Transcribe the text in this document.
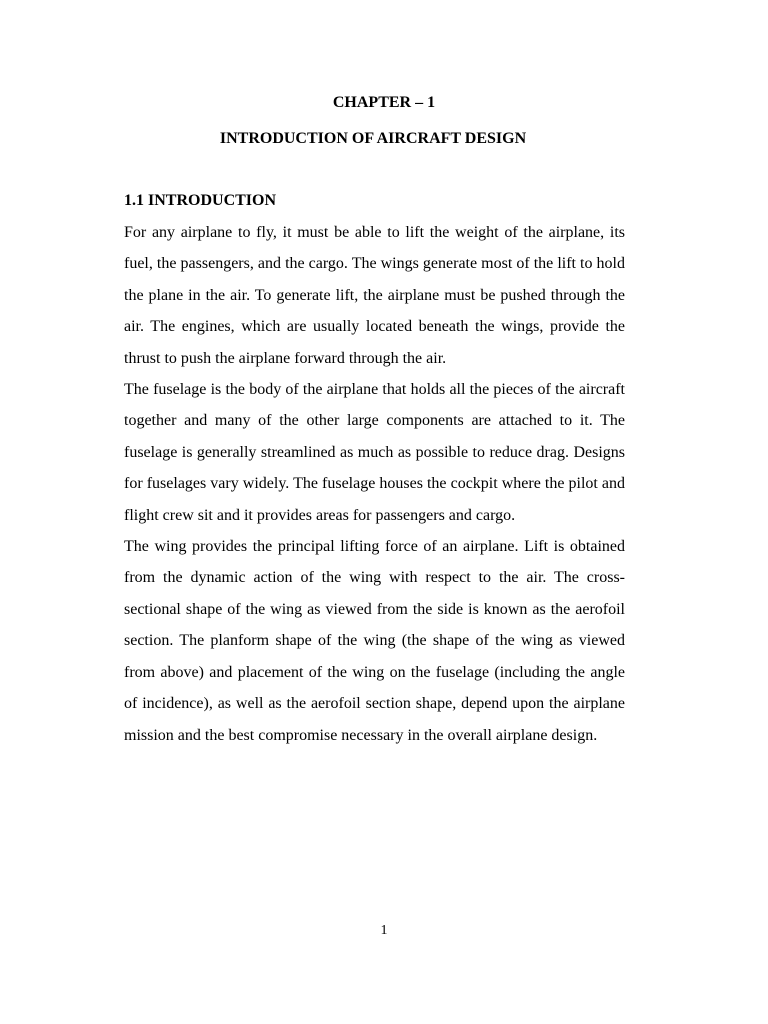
CHAPTER – 1
INTRODUCTION OF AIRCRAFT DESIGN
1.1 INTRODUCTION

For any airplane to fly, it must be able to lift the weight of the airplane, its fuel, the passengers, and the cargo. The wings generate most of the lift to hold the plane in the air. To generate lift, the airplane must be pushed through the air. The engines, which are usually located beneath the wings, provide the thrust to push the airplane forward through the air.

The fuselage is the body of the airplane that holds all the pieces of the aircraft together and many of the other large components are attached to it. The fuselage is generally streamlined as much as possible to reduce drag. Designs for fuselages vary widely. The fuselage houses the cockpit where the pilot and flight crew sit and it provides areas for passengers and cargo.

The wing provides the principal lifting force of an airplane. Lift is obtained from the dynamic action of the wing with respect to the air. The cross-sectional shape of the wing as viewed from the side is known as the aerofoil section. The planform shape of the wing (the shape of the wing as viewed from above) and placement of the wing on the fuselage (including the angle of incidence), as well as the aerofoil section shape, depend upon the airplane mission and the best compromise necessary in the overall airplane design.

1
